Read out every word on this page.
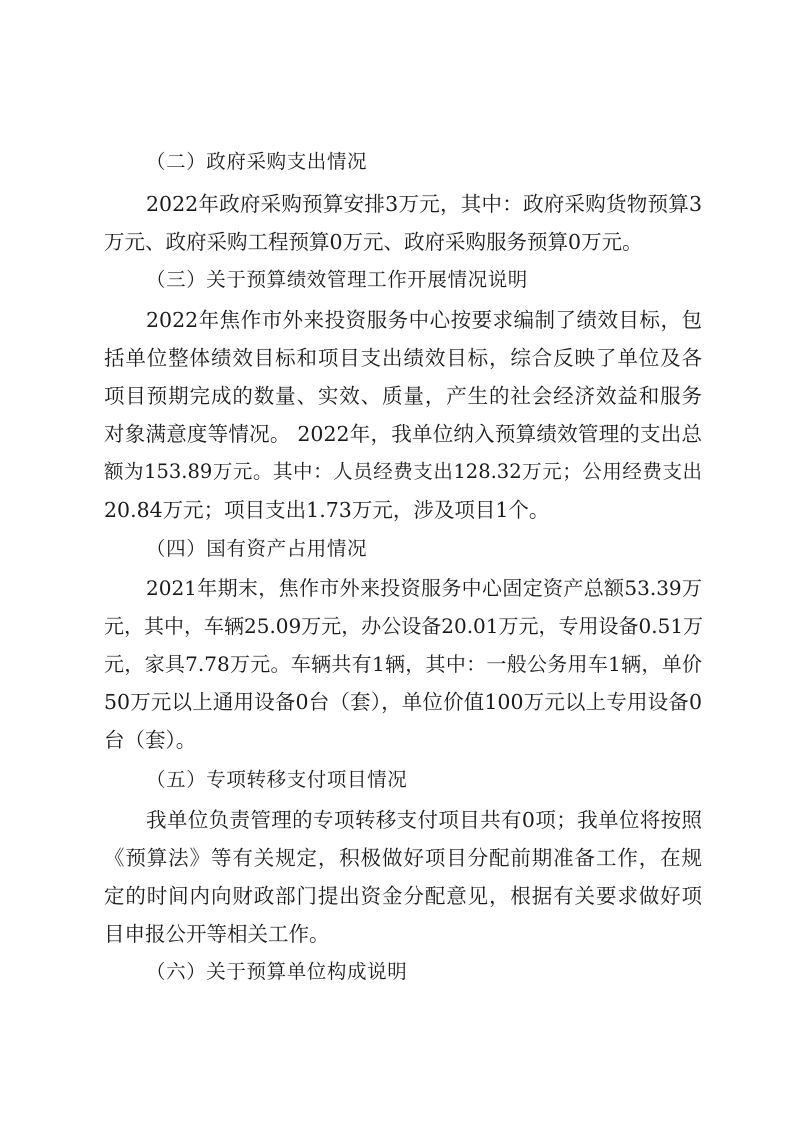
（二）政府采购支出情况
2022年政府采购预算安排3万元，其中：政府采购货物预算3
万元、政府采购工程预算0万元、政府采购服务预算0万元。
（三）关于预算绩效管理工作开展情况说明
2022年焦作市外来投资服务中心按要求编制了绩效目标，包
括单位整体绩效目标和项目支出绩效目标，综合反映了单位及各
项目预期完成的数量、实效、质量，产生的社会经济效益和服务
对象满意度等情况。 2022年，我单位纳入预算绩效管理的支出总
额为153.89万元。其中：人员经费支出128.32万元；公用经费支出
20.84万元；项目支出1.73万元，涉及项目1个。
（四）国有资产占用情况
2021年期末，焦作市外来投资服务中心固定资产总额53.39万
元，其中，车辆25.09万元，办公设备20.01万元，专用设备0.51万
元，家具7.78万元。车辆共有1辆，其中：一般公务用车1辆，单价
50万元以上通用设备0台（套），单位价值100万元以上专用设备0
台（套）。
（五）专项转移支付项目情况
我单位负责管理的专项转移支付项目共有0项；我单位将按照
《预算法》等有关规定，积极做好项目分配前期准备工作，在规
定的时间内向财政部门提出资金分配意见，根据有关要求做好项
目申报公开等相关工作。
（六）关于预算单位构成说明
